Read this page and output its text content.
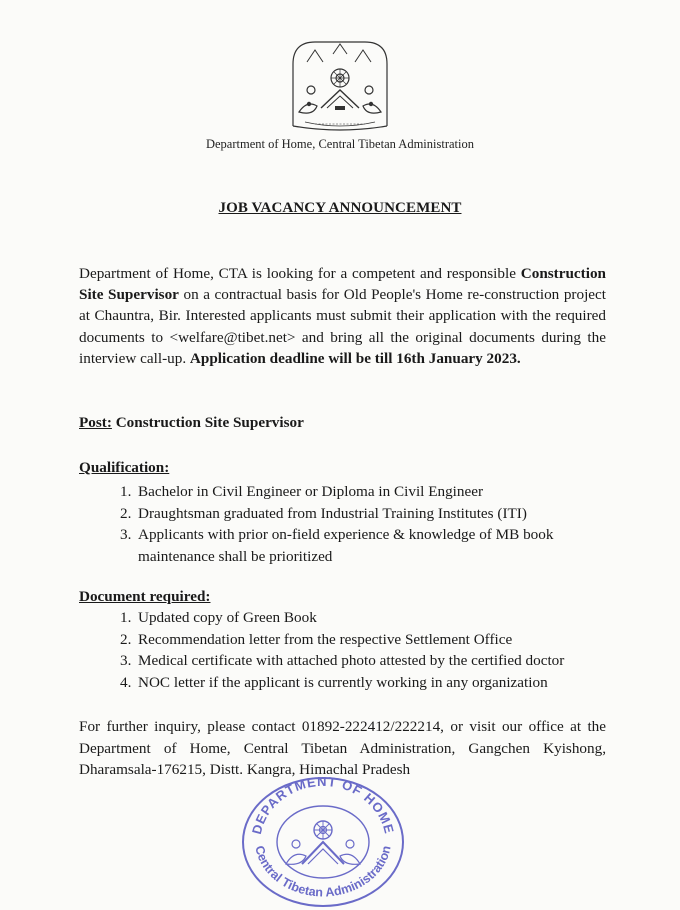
Department of Home, Central Tibetan Administration
JOB VACANCY ANNOUNCEMENT

Department of Home, CTA is looking for a competent and responsible Construction Site Supervisor on a contractual basis for Old People's Home re-construction project at Chauntra, Bir. Interested applicants must submit their application with the required documents to <welfare@tibet.net> and bring all the original documents during the interview call-up. Application deadline will be till 16th January 2023.

Post: Construction Site Supervisor
Qualification:
1. Bachelor in Civil Engineer or Diploma in Civil Engineer
2. Draughtsman graduated from Industrial Training Institutes (ITI)
3. Applicants with prior on-field experience & knowledge of MB book maintenance shall be prioritized
Document required:
1. Updated copy of Green Book
2. Recommendation letter from the respective Settlement Office
3. Medical certificate with attached photo attested by the certified doctor
4. NOC letter if the applicant is currently working in any organization

For further inquiry, please contact 01892-222412/222214, or visit our office at the Department of Home, Central Tibetan Administration, Gangchen Kyishong, Dharamsala-176215, Distt. Kangra, Himachal Pradesh

DEPARTMENT OF HOME
Central Tibetan Administration
